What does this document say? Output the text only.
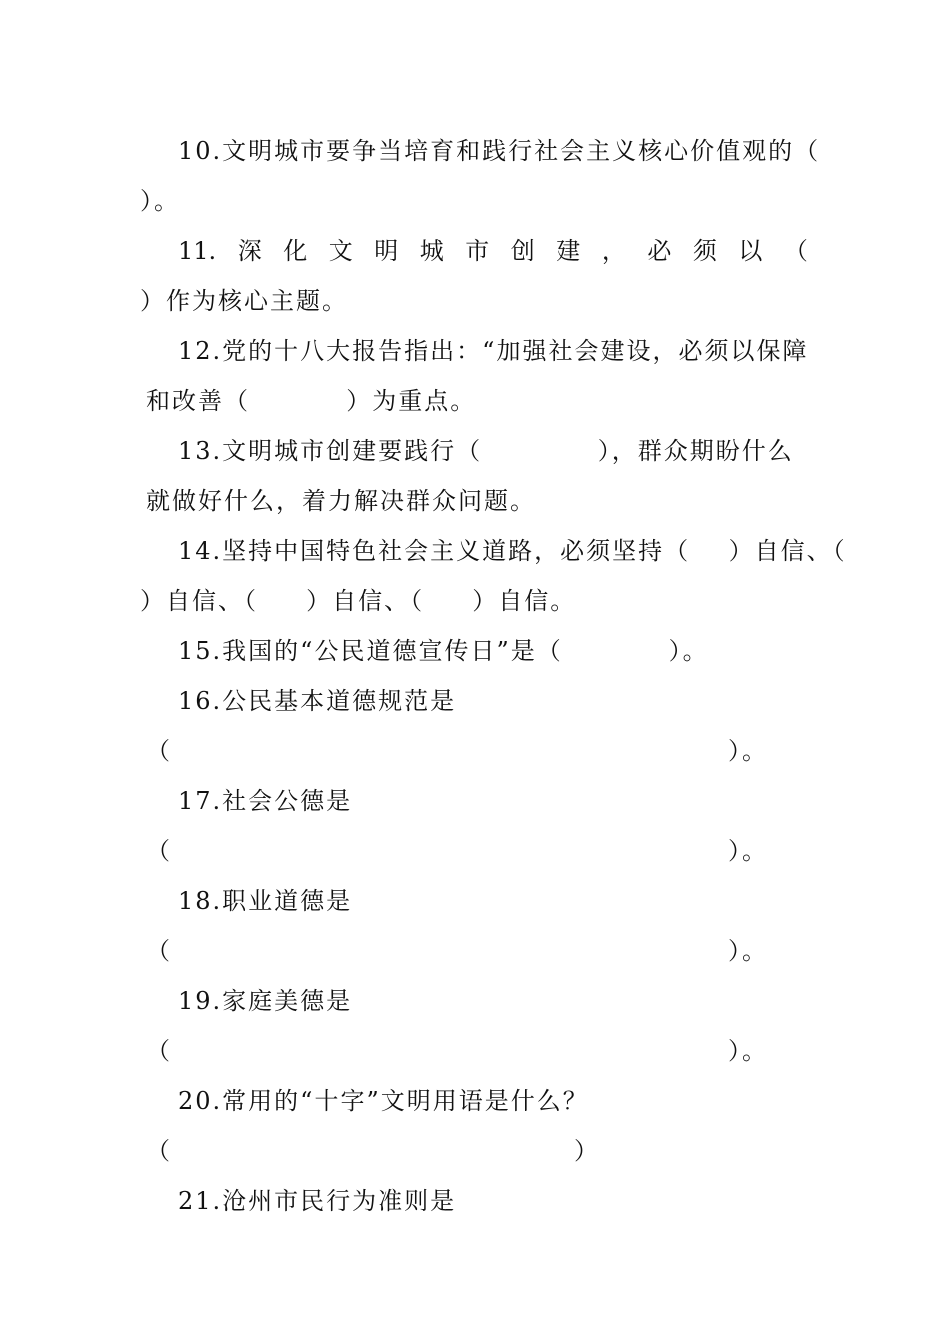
10.文明城市要争当培育和践行社会主义核心价值观的（
）。
11. 深 化 文 明 城 市 创 建 ， 必 须 以 （
）作为核心主题。
12.党的十八大报告指出：“加强社会建设，必须以保障
和改善（          ）为重点。
13.文明城市创建要践行（            ），群众期盼什么
就做好什么，着力解决群众问题。
14.坚持中国特色社会主义道路，必须坚持（    ）自信、（
）自信、（     ）自信、（     ）自信。
15.我国的“公民道德宣传日”是（           ）。
16.公民基本道德规范是
（	）。
17.社会公德是
（	）。
18.职业道德是
（	）。
19.家庭美德是
（	）。
20.常用的“十字”文明用语是什么？
（	）
21.沧州市民行为准则是
